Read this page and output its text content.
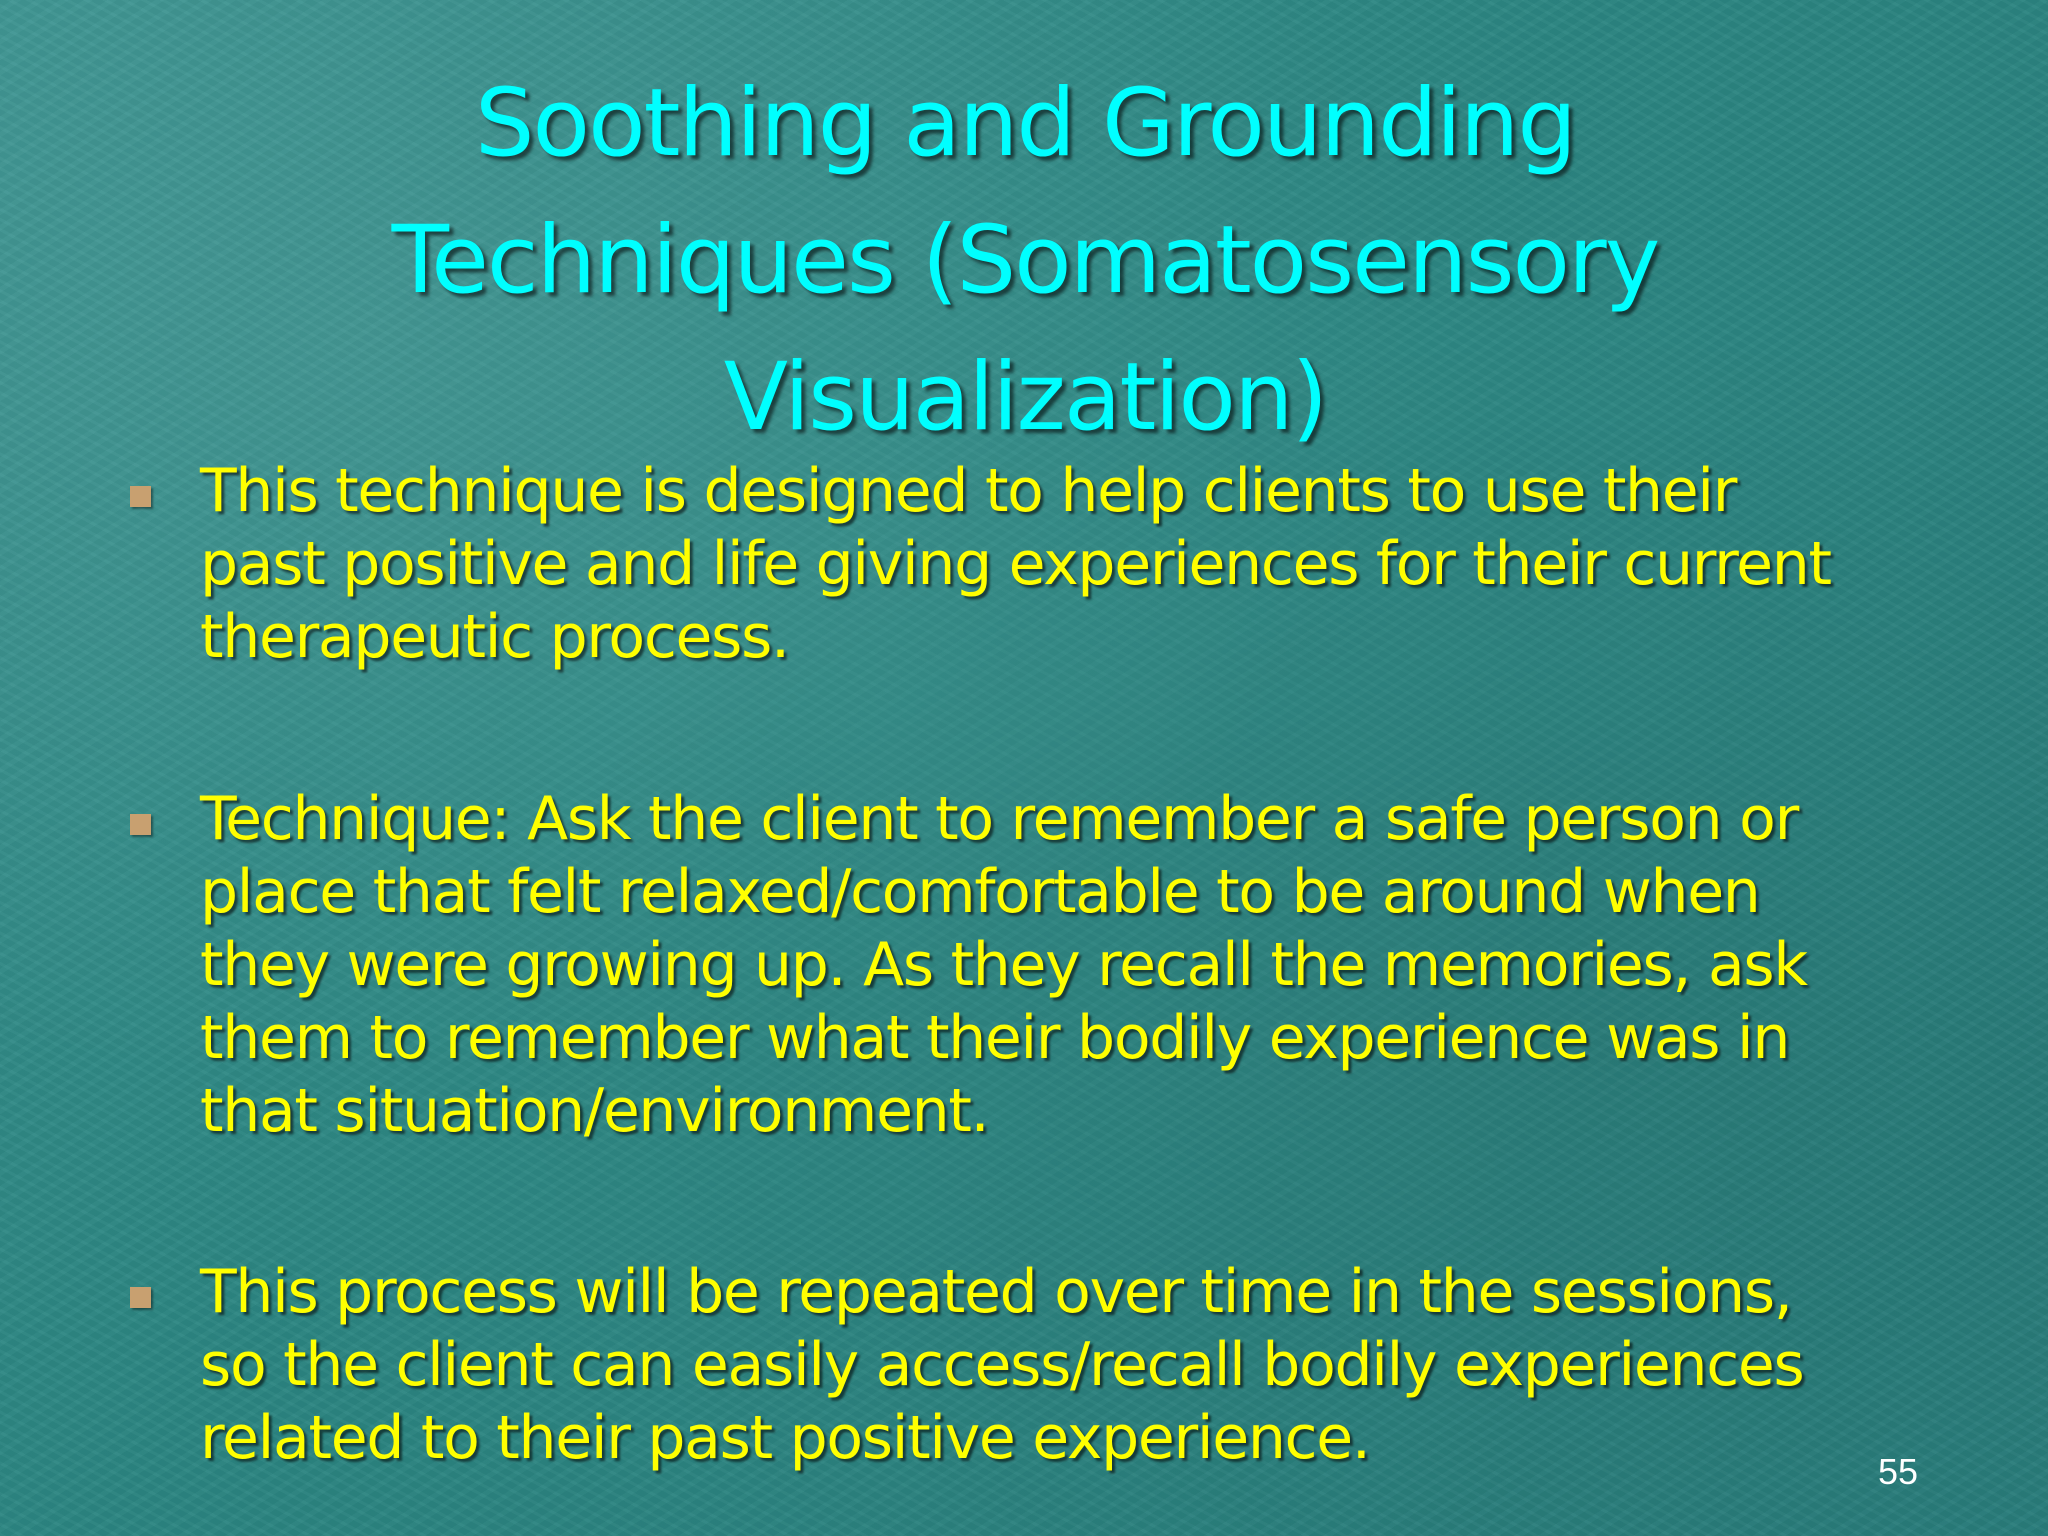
Soothing and Grounding
Techniques (Somatosensory
Visualization)
This technique is designed to help clients to use their
past positive and life giving experiences for their current
therapeutic process.
Technique: Ask the client to remember a safe person or
place that felt relaxed/comfortable to be around when
they were growing up. As they recall the memories, ask
them to remember what their bodily experience was in
that situation/environment.
This process will be repeated over time in the sessions,
so the client can easily access/recall bodily experiences
related to their past positive experience.	55
